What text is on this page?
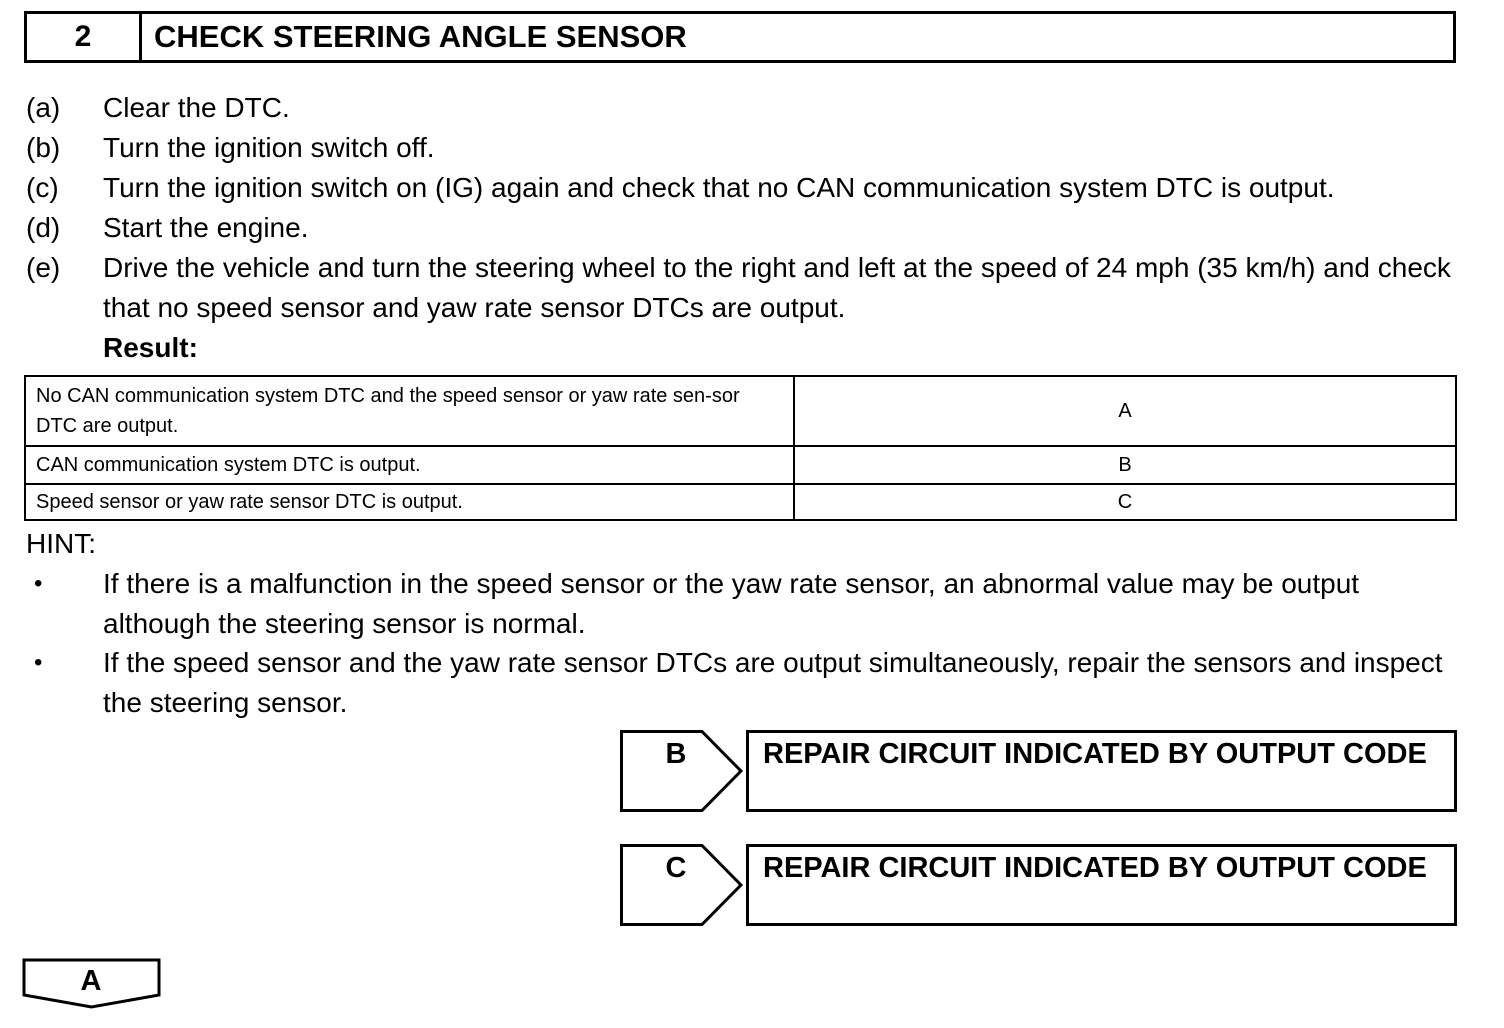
2	CHECK STEERING ANGLE SENSOR
(a) Clear the DTC.
(b) Turn the ignition switch off.
(c) Turn the ignition switch on (IG) again and check that no CAN communication system DTC is output.
(d) Start the engine.
(e) Drive the vehicle and turn the steering wheel to the right and left at the speed of 24 mph (35 km/h) and check that no speed sensor and yaw rate sensor DTCs are output.
Result:
No CAN communication system DTC and the speed sensor or yaw rate sen-sor DTC are output.	A
CAN communication system DTC is output.	B
Speed sensor or yaw rate sensor DTC is output.	C
HINT:
• If there is a malfunction in the speed sensor or the yaw rate sensor, an abnormal value may be output although the steering sensor is normal.
• If the speed sensor and the yaw rate sensor DTCs are output simultaneously, repair the sensors and inspect the steering sensor.
B	REPAIR CIRCUIT INDICATED BY OUTPUT CODE
C	REPAIR CIRCUIT INDICATED BY OUTPUT CODE
A
